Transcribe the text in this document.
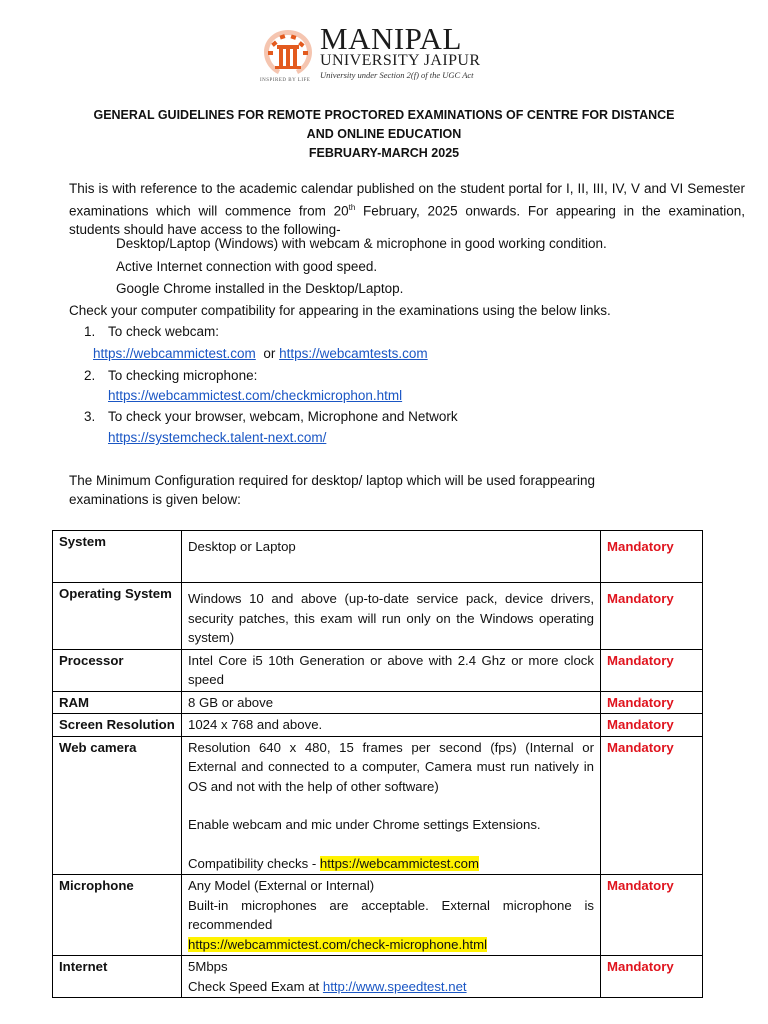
MANIPAL
UNIVERSITY JAIPUR
University under Section 2(f) of the UGC Act
INSPIRED BY LIFE
GENERAL GUIDELINES FOR REMOTE PROCTORED EXAMINATIONS OF CENTRE FOR DISTANCE
AND ONLINE EDUCATION
FEBRUARY-MARCH 2025
This is with reference to the academic calendar published on the student portal for I, II, III, IV, V and VI Semester examinations which will commence from 20th February, 2025 onwards. For appearing in the examination, students should have access to the following-
Desktop/Laptop (Windows) with webcam & microphone in good working condition.
Active Internet connection with good speed.
Google Chrome installed in the Desktop/Laptop.
Check your computer compatibility for appearing in the examinations using the below links.
1. To check webcam:
https://webcammictest.com or https://webcamtests.com
2. To checking microphone:
https://webcammictest.com/checkmicrophon.html
3. To check your browser, webcam, Microphone and Network
https://systemcheck.talent-next.com/
The Minimum Configuration required for desktop/ laptop which will be used forappearing examinations is given below:
System	Desktop or Laptop	Mandatory
Operating System	Windows 10 and above (up-to-date service pack, device drivers, security patches, this exam will run only on the Windows operating system)	Mandatory
Processor	Intel Core i5 10th Generation or above with 2.4 Ghz or more clock speed	Mandatory
RAM	8 GB or above	Mandatory
Screen Resolution	1024 x 768 and above.	Mandatory
Web camera	Resolution 640 x 480, 15 frames per second (fps) (Internal or External and connected to a computer, Camera must run natively in OS and not with the help of other software)
Enable webcam and mic under Chrome settings Extensions.
Compatibility checks - https://webcammictest.com	Mandatory
Microphone	Any Model (External or Internal)
Built-in microphones are acceptable. External microphone is recommended
https://webcammictest.com/check-microphone.html	Mandatory
Internet	5Mbps
Check Speed Exam at http://www.speedtest.net	Mandatory
